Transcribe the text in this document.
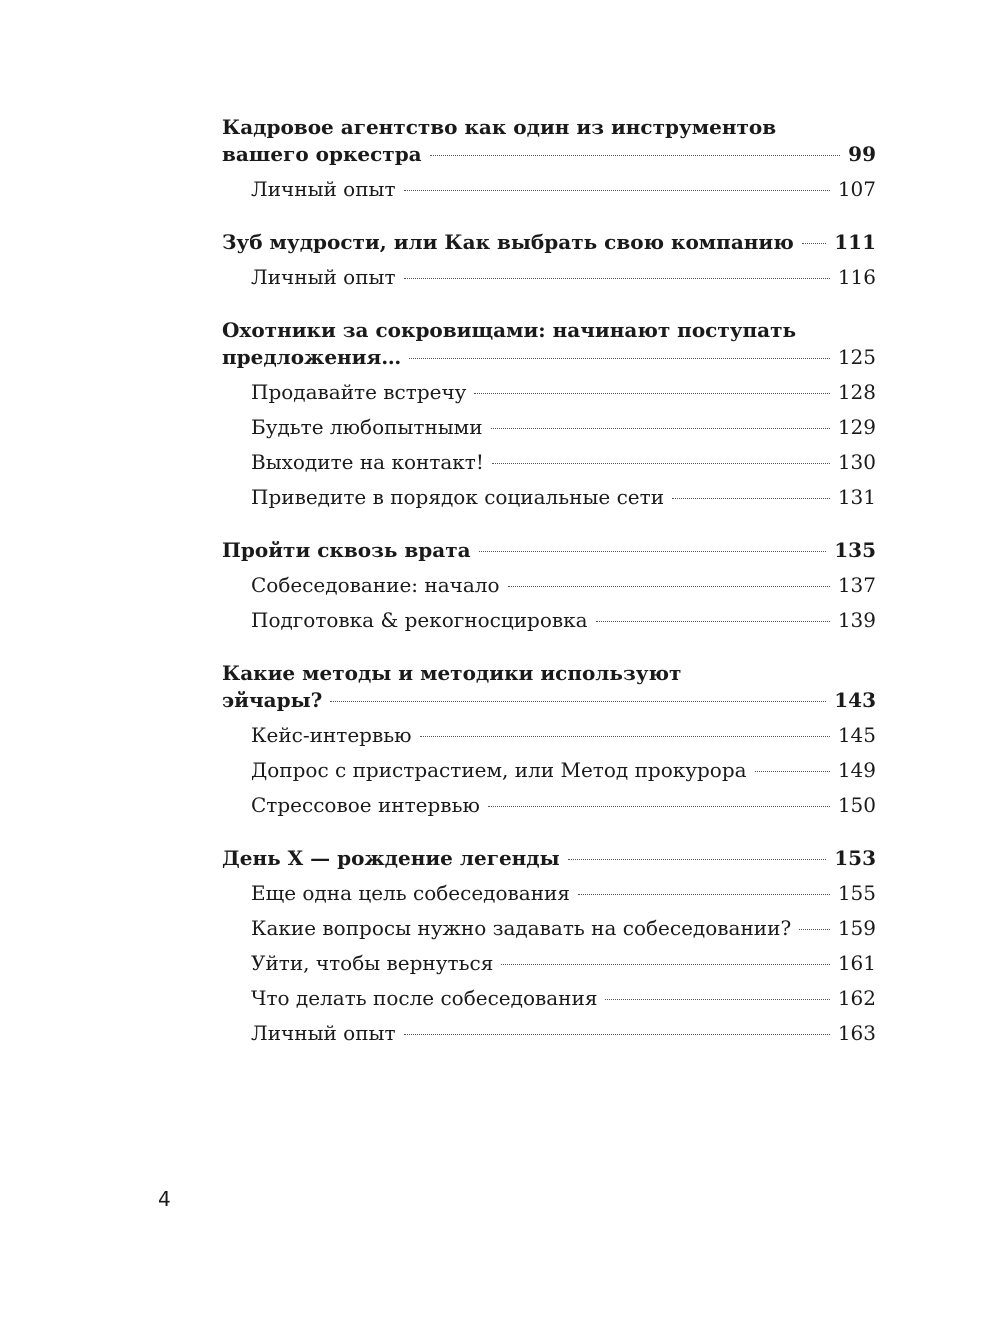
Кадровое агентство как один из инструментов
вашего оркестра	99
Личный опыт	107
Зуб мудрости, или Как выбрать свою компанию 111
Личный опыт	116
Охотники за сокровищами: начинают поступать
предложения…	125
Продавайте встречу	128
Будьте любопытными	129
Выходите на контакт!	130
Приведите в порядок социальные сети	131
Пройти сквозь врата	135
Собеседование: начало	137
Подготовка & рекогносцировка	139
Какие методы и методики используют
эйчары?	143
Кейс-интервью	145
Допрос с пристрастием, или Метод прокурора	149
Стрессовое интервью	150
День X — рождение легенды	153
Еще одна цель собеседования	155
Какие вопросы нужно задавать на собеседовании? 159
Уйти, чтобы вернуться	161
Что делать после собеседования	162
Личный опыт	163
4
